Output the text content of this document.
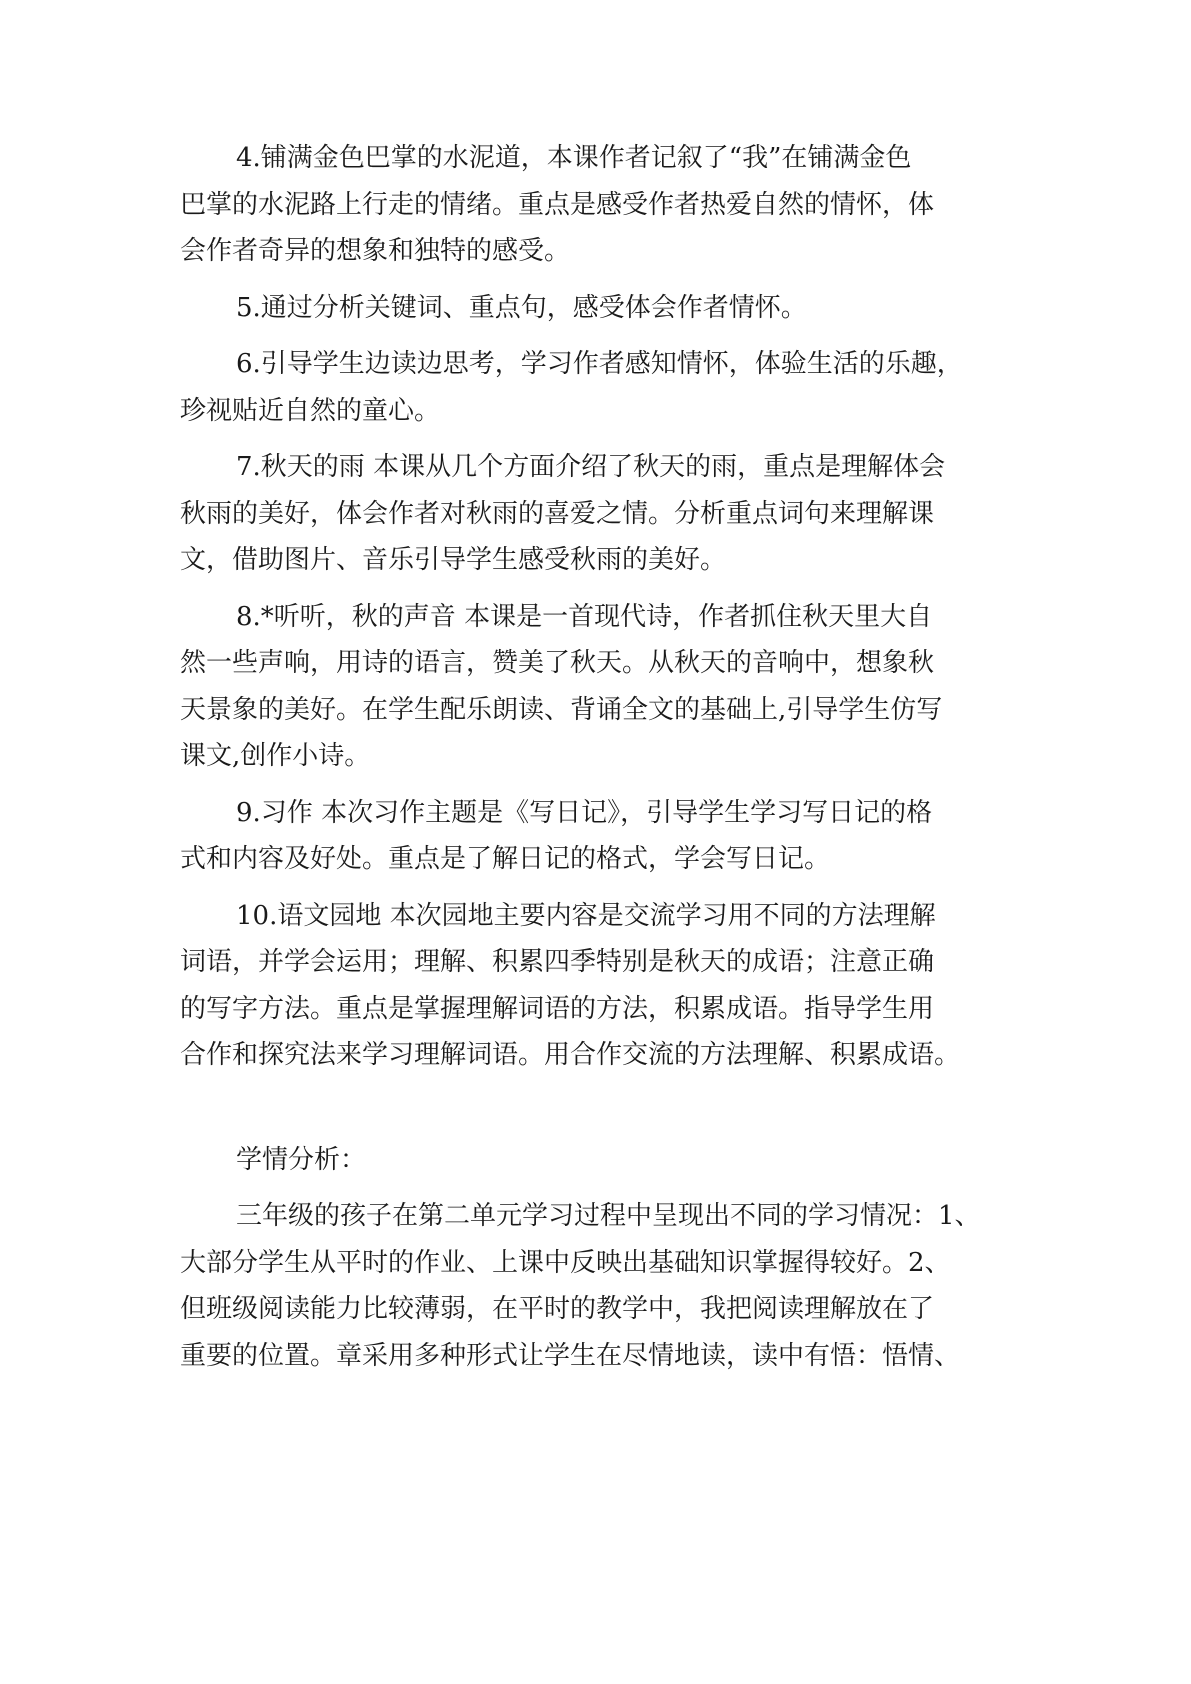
4.铺满金色巴掌的水泥道，本课作者记叙了“我”在铺满金色
巴掌的水泥路上行走的情绪。重点是感受作者热爱自然的情怀，体
会作者奇异的想象和独特的感受。
5.通过分析关键词、重点句，感受体会作者情怀。
6.引导学生边读边思考，学习作者感知情怀，体验生活的乐趣，
珍视贴近自然的童心。
7.秋天的雨 本课从几个方面介绍了秋天的雨，重点是理解体会
秋雨的美好，体会作者对秋雨的喜爱之情。分析重点词句来理解课
文，借助图片、音乐引导学生感受秋雨的美好。
8.*听听，秋的声音 本课是一首现代诗，作者抓住秋天里大自
然一些声响，用诗的语言，赞美了秋天。从秋天的音响中，想象秋
天景象的美好。在学生配乐朗读、背诵全文的基础上,引导学生仿写
课文,创作小诗。
9.习作 本次习作主题是《写日记》，引导学生学习写日记的格
式和内容及好处。重点是了解日记的格式，学会写日记。
10.语文园地 本次园地主要内容是交流学习用不同的方法理解
词语，并学会运用；理解、积累四季特别是秋天的成语；注意正确
的写字方法。重点是掌握理解词语的方法，积累成语。指导学生用
合作和探究法来学习理解词语。用合作交流的方法理解、积累成语。
学情分析：
三年级的孩子在第二单元学习过程中呈现出不同的学习情况：1、
大部分学生从平时的作业、上课中反映出基础知识掌握得较好。2、
但班级阅读能力比较薄弱，在平时的教学中，我把阅读理解放在了
重要的位置。章采用多种形式让学生在尽情地读，读中有悟：悟情、
